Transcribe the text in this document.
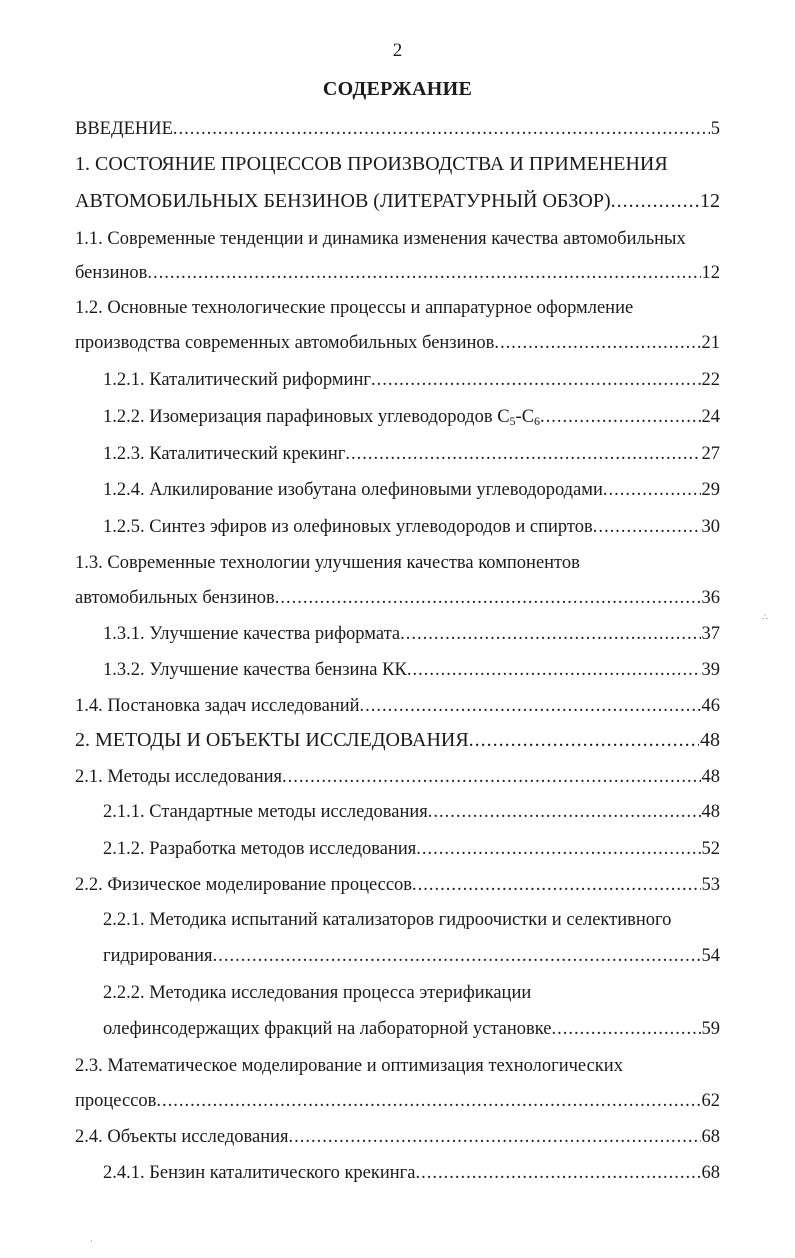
2
СОДЕРЖАНИЕ
ВВЕДЕНИЕ .....	5
1. СОСТОЯНИЕ ПРОЦЕССОВ ПРОИЗВОДСТВА И ПРИМЕНЕНИЯ
АВТОМОБИЛЬНЫХ БЕНЗИНОВ (ЛИТЕРАТУРНЫЙ ОБЗОР) .....	12
1.1. Современные тенденции и динамика изменения качества автомобильных
бензинов .....	12
1.2. Основные технологические процессы и аппаратурное оформление
производства современных автомобильных бензинов .....	21
1.2.1. Каталитический риформинг .....	22
1.2.2. Изомеризация парафиновых углеводородов $С_5-С_6$ .....	24
1.2.3. Каталитический крекинг .....	27
1.2.4. Алкилирование изобутана олефиновыми углеводородами .....	29
1.2.5. Синтез эфиров из олефиновых углеводородов и спиртов .....	30
1.3. Современные технологии улучшения качества компонентов
автомобильных бензинов .....	36
1.3.1. Улучшение качества риформата .....	37
1.3.2. Улучшение качества бензина КК .....	39
1.4. Постановка задач исследований .....	46
2. МЕТОДЫ И ОБЪЕКТЫ ИССЛЕДОВАНИЯ .....	48
2.1. Методы исследования .....	48
2.1.1. Стандартные методы исследования .....	48
2.1.2. Разработка методов исследования .....	52
2.2. Физическое моделирование процессов .....	53
2.2.1. Методика испытаний катализаторов гидроочистки и селективного
гидрирования .....	54
2.2.2. Методика исследования процесса этерификации
олефинсодержащих фракций на лабораторной установке .....	59
2.3. Математическое моделирование и оптимизация технологических
процессов .....	62
2.4. Объекты исследования .....	68
2.4.1. Бензин каталитического крекинга .....	68
∴
·
